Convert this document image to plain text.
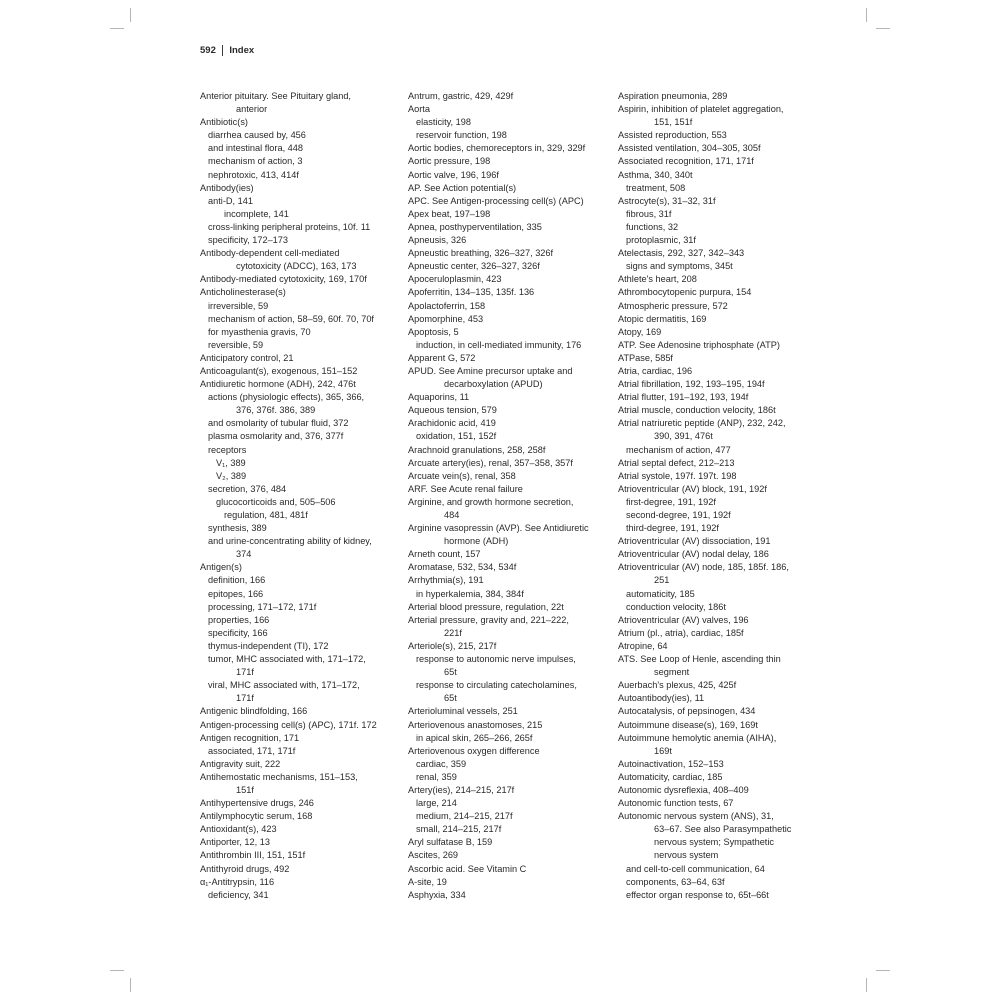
592 Index
Anterior pituitary. See Pituitary gland,
anterior
Antibiotic(s)
diarrhea caused by, 456
and intestinal flora, 448
mechanism of action, 3
nephrotoxic, 413, 414f
Antibody(ies)
anti-D, 141
incomplete, 141
cross-linking peripheral proteins, 10f. 11
specificity, 172–173
Antibody-dependent cell-mediated
cytotoxicity (ADCC), 163, 173
Antibody-mediated cytotoxicity, 169, 170f
Anticholinesterase(s)
irreversible, 59
mechanism of action, 58–59, 60f. 70, 70f
for myasthenia gravis, 70
reversible, 59
Anticipatory control, 21
Anticoagulant(s), exogenous, 151–152
Antidiuretic hormone (ADH), 242, 476t
actions (physiologic effects), 365, 366,
376, 376f. 386, 389
and osmolarity of tubular fluid, 372
plasma osmolarity and, 376, 377f
receptors
V₁, 389
V₂, 389
secretion, 376, 484
glucocorticoids and, 505–506
regulation, 481, 481f
synthesis, 389
and urine-concentrating ability of kidney,
374
Antigen(s)
definition, 166
epitopes, 166
processing, 171–172, 171f
properties, 166
specificity, 166
thymus-independent (TI), 172
tumor, MHC associated with, 171–172,
171f
viral, MHC associated with, 171–172,
171f
Antigenic blindfolding, 166
Antigen-processing cell(s) (APC), 171f. 172
Antigen recognition, 171
associated, 171, 171f
Antigravity suit, 222
Antihemostatic mechanisms, 151–153,
151f
Antihypertensive drugs, 246
Antilymphocytic serum, 168
Antioxidant(s), 423
Antiporter, 12, 13
Antithrombin III, 151, 151f
Antithyroid drugs, 492
α₁-Antitrypsin, 116
deficiency, 341
Antrum, gastric, 429, 429f
Aorta
elasticity, 198
reservoir function, 198
Aortic bodies, chemoreceptors in, 329, 329f
Aortic pressure, 198
Aortic valve, 196, 196f
AP. See Action potential(s)
APC. See Antigen-processing cell(s) (APC)
Apex beat, 197–198
Apnea, posthyperventilation, 335
Apneusis, 326
Apneustic breathing, 326–327, 326f
Apneustic center, 326–327, 326f
Apoceruloplasmin, 423
Apoferritin, 134–135, 135f. 136
Apolactoferrin, 158
Apomorphine, 453
Apoptosis, 5
induction, in cell-mediated immunity, 176
Apparent G, 572
APUD. See Amine precursor uptake and
decarboxylation (APUD)
Aquaporins, 11
Aqueous tension, 579
Arachidonic acid, 419
oxidation, 151, 152f
Arachnoid granulations, 258, 258f
Arcuate artery(ies), renal, 357–358, 357f
Arcuate vein(s), renal, 358
ARF. See Acute renal failure
Arginine, and growth hormone secretion,
484
Arginine vasopressin (AVP). See Antidiuretic
hormone (ADH)
Arneth count, 157
Aromatase, 532, 534, 534f
Arrhythmia(s), 191
in hyperkalemia, 384, 384f
Arterial blood pressure, regulation, 22t
Arterial pressure, gravity and, 221–222,
221f
Arteriole(s), 215, 217f
response to autonomic nerve impulses,
65t
response to circulating catecholamines,
65t
Arterioluminal vessels, 251
Arteriovenous anastomoses, 215
in apical skin, 265–266, 265f
Arteriovenous oxygen difference
cardiac, 359
renal, 359
Artery(ies), 214–215, 217f
large, 214
medium, 214–215, 217f
small, 214–215, 217f
Aryl sulfatase B, 159
Ascites, 269
Ascorbic acid. See Vitamin C
A-site, 19
Asphyxia, 334
Aspiration pneumonia, 289
Aspirin, inhibition of platelet aggregation,
151, 151f
Assisted reproduction, 553
Assisted ventilation, 304–305, 305f
Associated recognition, 171, 171f
Asthma, 340, 340t
treatment, 508
Astrocyte(s), 31–32, 31f
fibrous, 31f
functions, 32
protoplasmic, 31f
Atelectasis, 292, 327, 342–343
signs and symptoms, 345t
Athlete's heart, 208
Athrombocytopenic purpura, 154
Atmospheric pressure, 572
Atopic dermatitis, 169
Atopy, 169
ATP. See Adenosine triphosphate (ATP)
ATPase, 585f
Atria, cardiac, 196
Atrial fibrillation, 192, 193–195, 194f
Atrial flutter, 191–192, 193, 194f
Atrial muscle, conduction velocity, 186t
Atrial natriuretic peptide (ANP), 232, 242,
390, 391, 476t
mechanism of action, 477
Atrial septal defect, 212–213
Atrial systole, 197f. 197t. 198
Atrioventricular (AV) block, 191, 192f
first-degree, 191, 192f
second-degree, 191, 192f
third-degree, 191, 192f
Atrioventricular (AV) dissociation, 191
Atrioventricular (AV) nodal delay, 186
Atrioventricular (AV) node, 185, 185f. 186,
251
automaticity, 185
conduction velocity, 186t
Atrioventricular (AV) valves, 196
Atrium (pl., atria), cardiac, 185f
Atropine, 64
ATS. See Loop of Henle, ascending thin
segment
Auerbach's plexus, 425, 425f
Autoantibody(ies), 11
Autocatalysis, of pepsinogen, 434
Autoimmune disease(s), 169, 169t
Autoimmune hemolytic anemia (AIHA),
169t
Autoinactivation, 152–153
Automaticity, cardiac, 185
Autonomic dysreflexia, 408–409
Autonomic function tests, 67
Autonomic nervous system (ANS), 31,
63–67. See also Parasympathetic
nervous system; Sympathetic
nervous system
and cell-to-cell communication, 64
components, 63–64, 63f
effector organ response to, 65t–66t
